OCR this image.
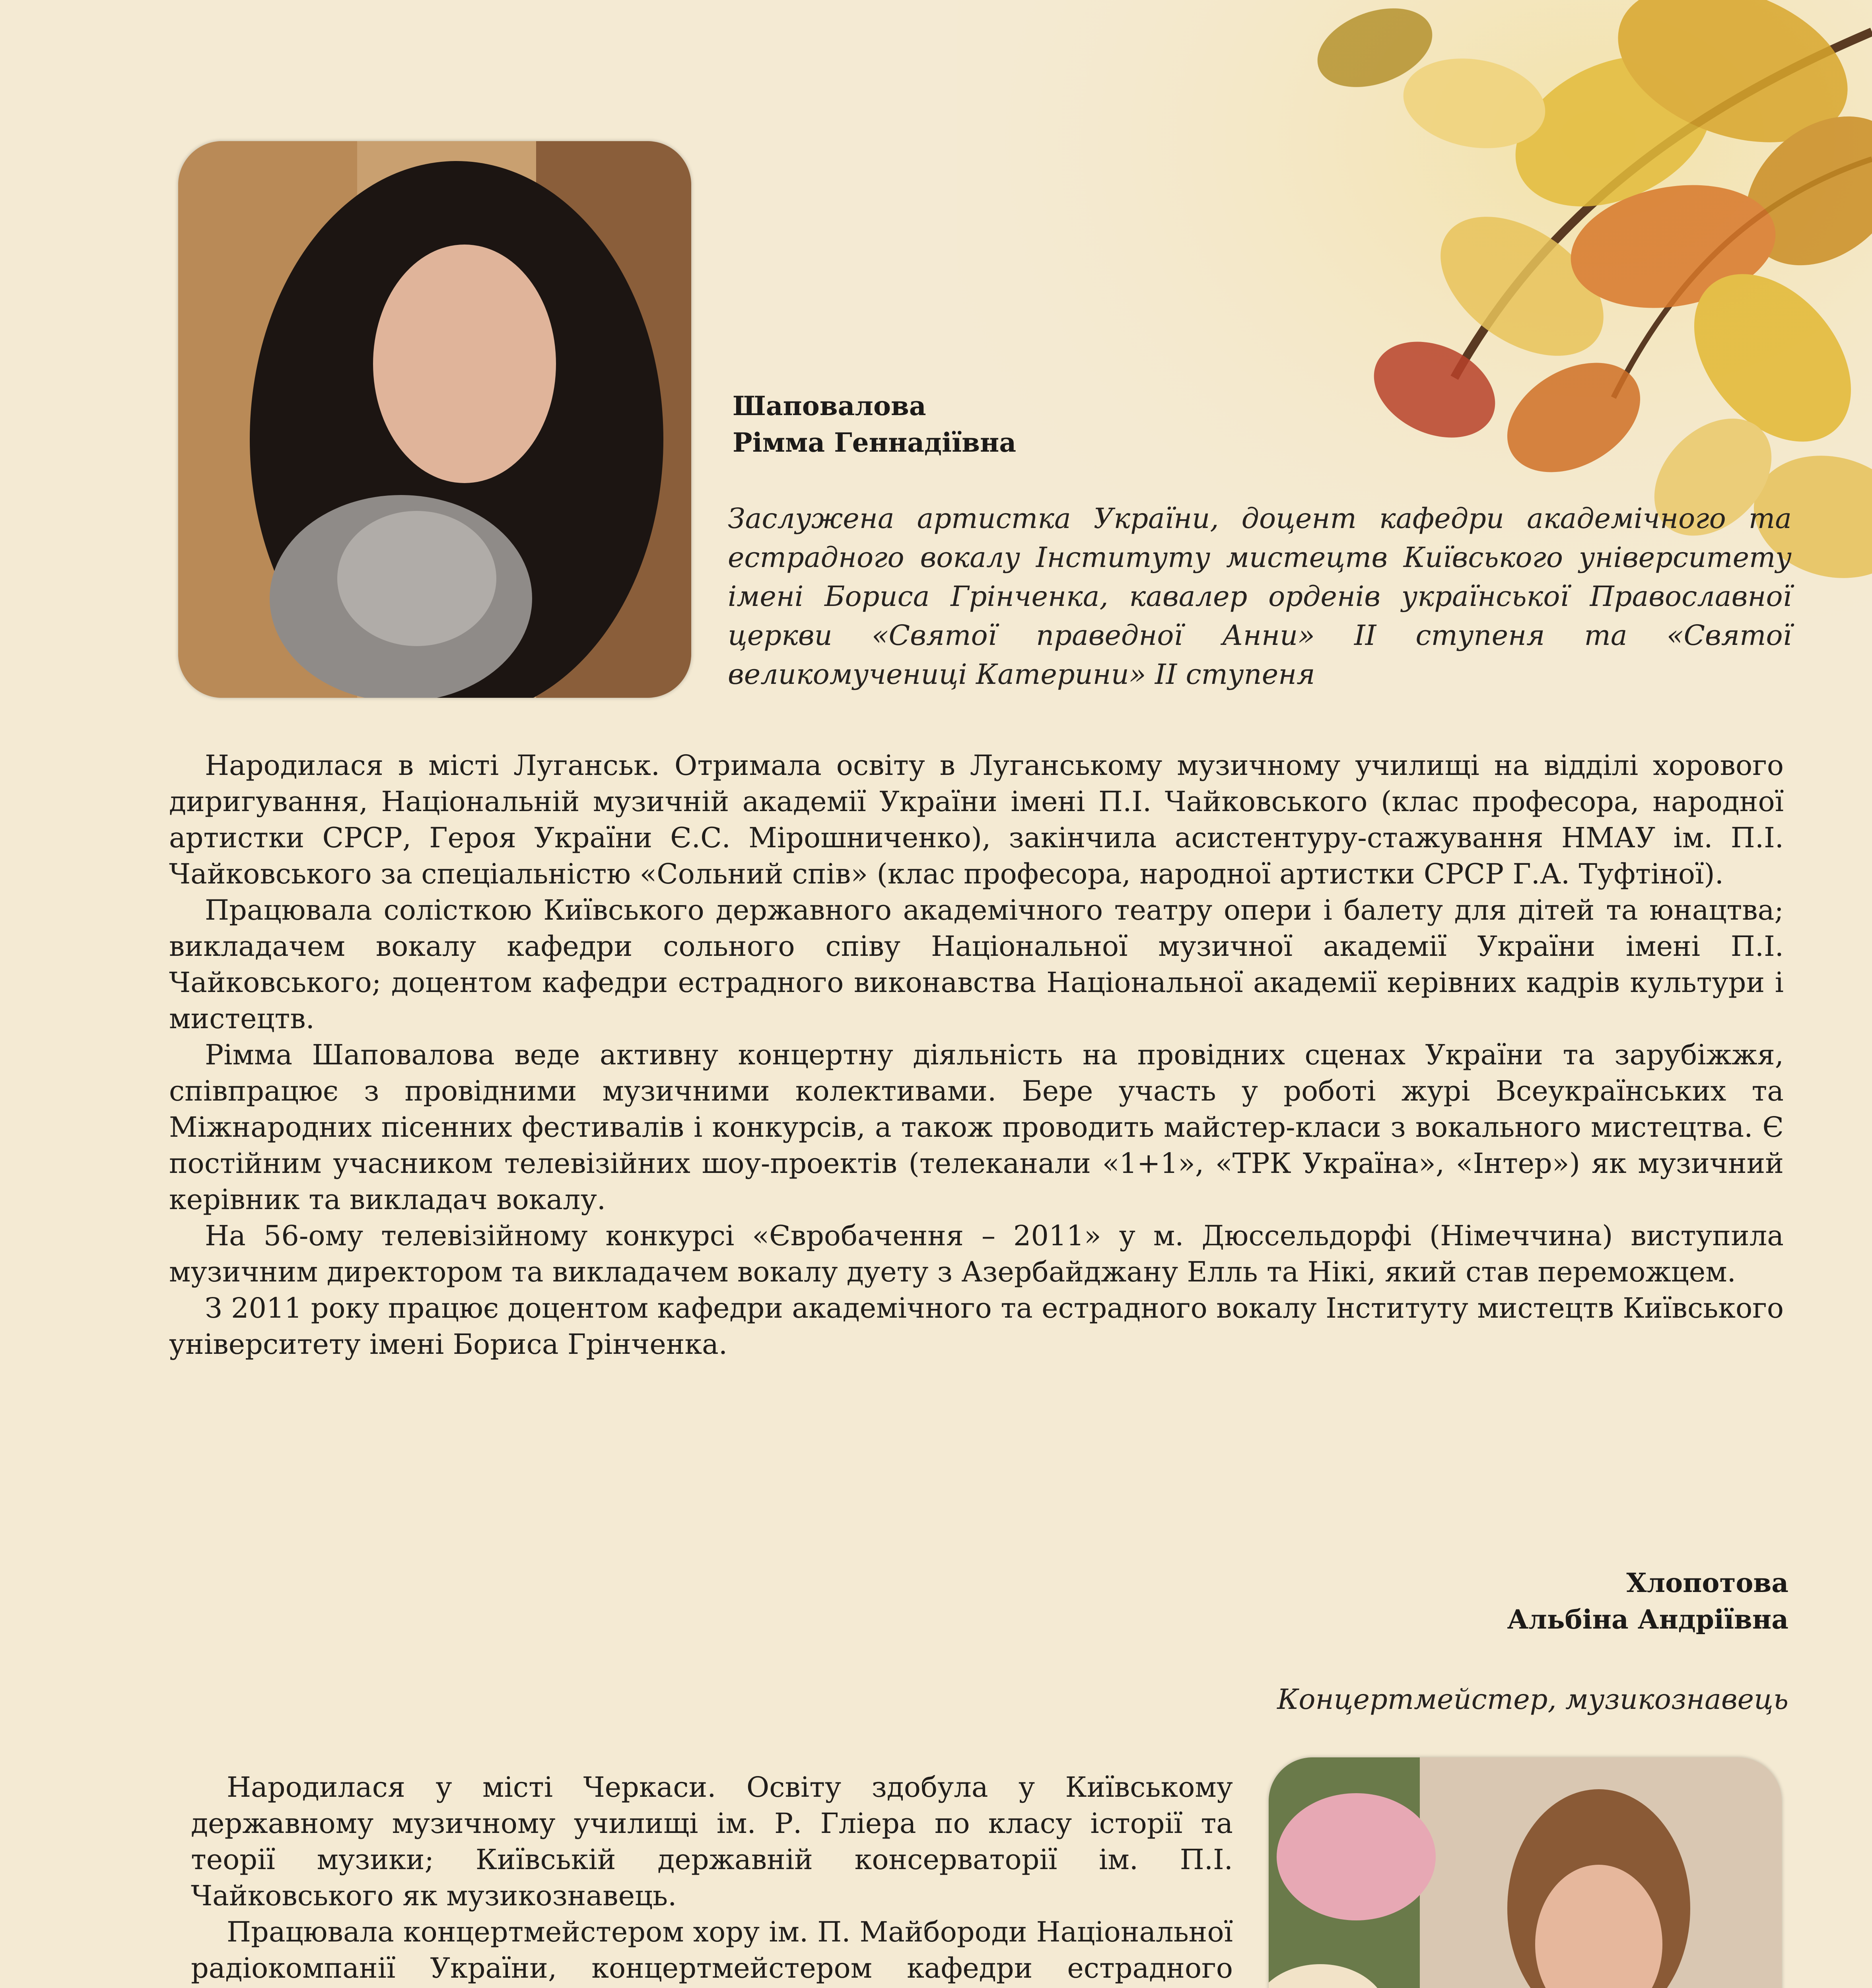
Шаповалова
Рімма Геннадіївна
Заслужена артистка України, доцент кафедри академічного та естрадного вокалу Інституту мистецтв Київського університету імені Бориса Грінченка, кавалер орденів української Православної церкви «Святої праведної Анни» ІІ ступеня та «Святої великомучениці Катерини» ІІ ступеня

Народилася в місті Луганськ. Отримала освіту в Луганському музичному училищі на відділі хорового диригування, Національній музичній академії України імені П.І. Чайковського (клас професора, народної артистки СРСР, Героя України Є.С. Мірошниченко), закінчила асистентуру-стажування НМАУ ім. П.І. Чайковського за спеціальністю «Сольний спів» (клас професора, народної артистки СРСР Г.А. Туфтіної).

Працювала солісткою Київського державного академічного театру опери і балету для дітей та юнацтва; викладачем вокалу кафедри сольного співу Національної музичної академії України імені П.І. Чайковського; доцентом кафедри естрадного виконавства Національної академії керівних кадрів культури і мистецтв.

Рімма Шаповалова веде активну концертну діяльність на провідних сценах України та зарубіжжя, співпрацює з провідними музичними колективами. Бере участь у роботі журі Всеукраїнських та Міжнародних пісенних фестивалів і конкурсів, а також проводить майстер-класи з вокального мистецтва. Є постійним учасником телевізійних шоу-проектів (телеканали «1+1», «ТРК Україна», «Інтер») як музичний керівник та викладач вокалу.

На 56-ому телевізійному конкурсі «Євробачення – 2011» у м. Дюссельдорфі (Німеччина) виступила музичним директором та викладачем вокалу дуету з Азербайджану Елль та Нікі, який став переможцем.

З 2011 року працює доцентом кафедри академічного та естрадного вокалу Інституту мистецтв Київського університету імені Бориса Грінченка.

Хлопотова
Альбіна Андріївна
Концертмейстер, музикознавець

Народилася у місті Черкаси. Освіту здобула у Київському державному музичному училищі ім. Р. Гліера по класу історії та теорії музики; Київській державній консерваторії ім. П.І. Чайковського як музикознавець.

Працювала концертмейстером хору ім. П. Майбороди Національної радіокомпанії України, концертмейстером кафедри естрадного
